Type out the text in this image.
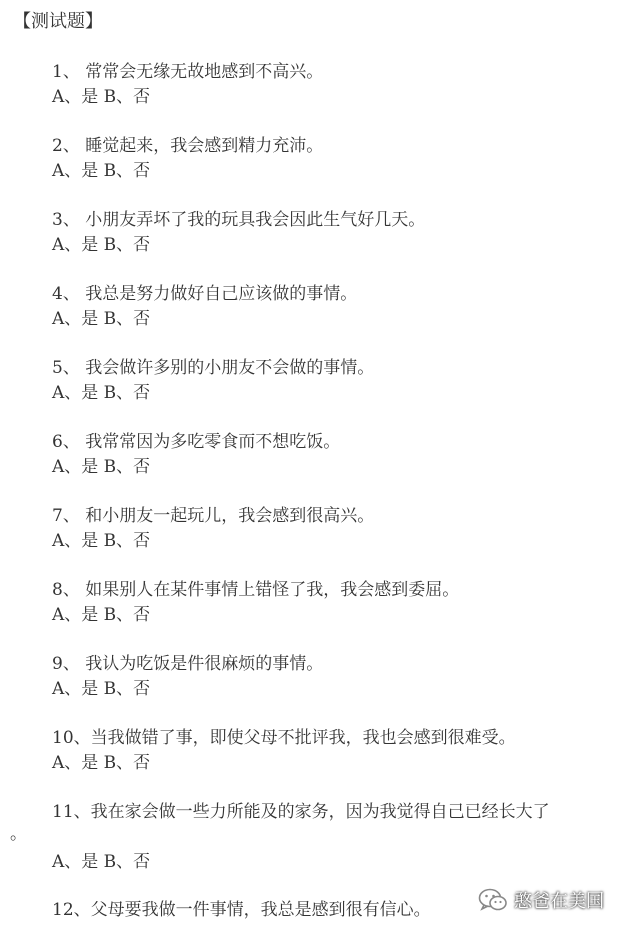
【测试题】
1、 常常会无缘无故地感到不高兴。
A、是 B、否
2、 睡觉起来，我会感到精力充沛。
A、是 B、否
3、 小朋友弄坏了我的玩具我会因此生气好几天。
A、是 B、否
4、 我总是努力做好自己应该做的事情。
A、是 B、否
5、 我会做许多别的小朋友不会做的事情。
A、是 B、否
6、 我常常因为多吃零食而不想吃饭。
A、是 B、否
7、 和小朋友一起玩儿，我会感到很高兴。
A、是 B、否
8、 如果别人在某件事情上错怪了我，我会感到委屈。
A、是 B、否
9、 我认为吃饭是件很麻烦的事情。
A、是 B、否
10、当我做错了事，即使父母不批评我，我也会感到很难受。
A、是 B、否
11、我在家会做一些力所能及的家务，因为我觉得自己已经长大了
。
A、是 B、否
12、父母要我做一件事情，我总是感到很有信心。	憨爸在美国
